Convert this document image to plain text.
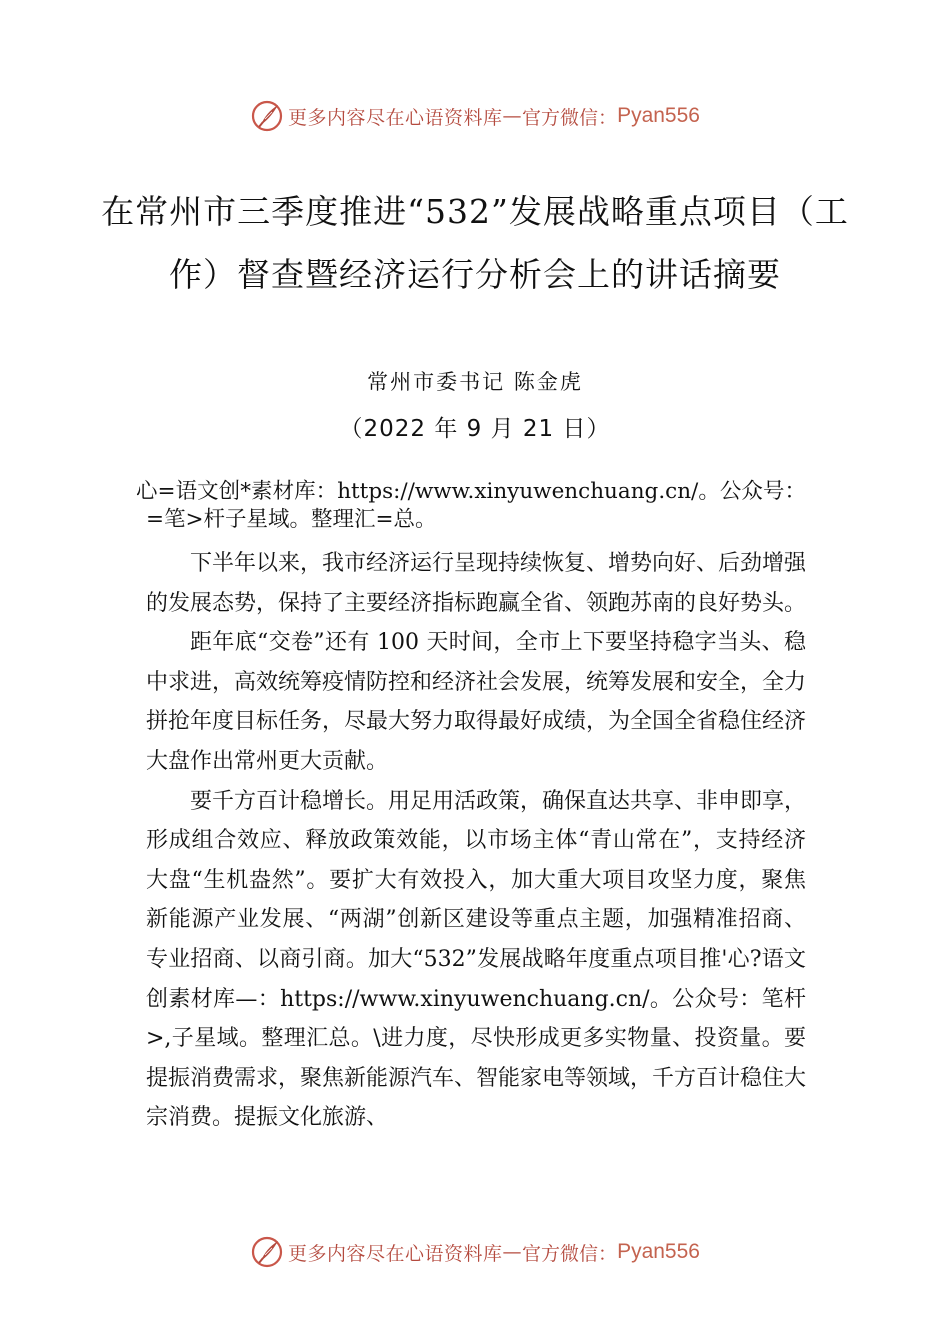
更多内容尽在心语资料库 — 官方微信： Pyan556
在常州市三季度推进“532”发展战略重点项目（工作）督查暨经济运行分析会上的讲话摘要
常州市委书记 陈金虎
（2022 年 9 月 21 日）

心=语文创*素材库：https://www.xinyuwenchuang.cn/。公众号：=笔>杆子星域。整理汇=总。

下半年以来，我市经济运行呈现持续恢复、增势向好、后劲增强的发展态势，保持了主要经济指标跑赢全省、领跑苏南的良好势头。

距年底“交卷”还有 100 天时间，全市上下要坚持稳字当头、稳中求进，高效统筹疫情防控和经济社会发展，统筹发展和安全，全力拼抢年度目标任务，尽最大努力取得最好成绩，为全国全省稳住经济大盘作出常州更大贡献。

要千方百计稳增长。用足用活政策，确保直达共享、非申即享，形成组合效应、释放政策效能，以市场主体“青山常在”，支持经济大盘“生机盎然”。要扩大有效投入，加大重大项目攻坚力度，聚焦新能源产业发展、“两湖”创新区建设等重点主题，加强精准招商、专业招商、以商引商。加大“532”发展战略年度重点项目推'心?语文创素材库—：https://www.xinyuwenchuang.cn/。公众号：笔杆>,子星域。整理汇总。\进力度，尽快形成更多实物量、投资量。要提振消费需求，聚焦新能源汽车、智能家电等领域，千方百计稳住大宗消费。提振文化旅游、

更多内容尽在心语资料库 — 官方微信： Pyan556
